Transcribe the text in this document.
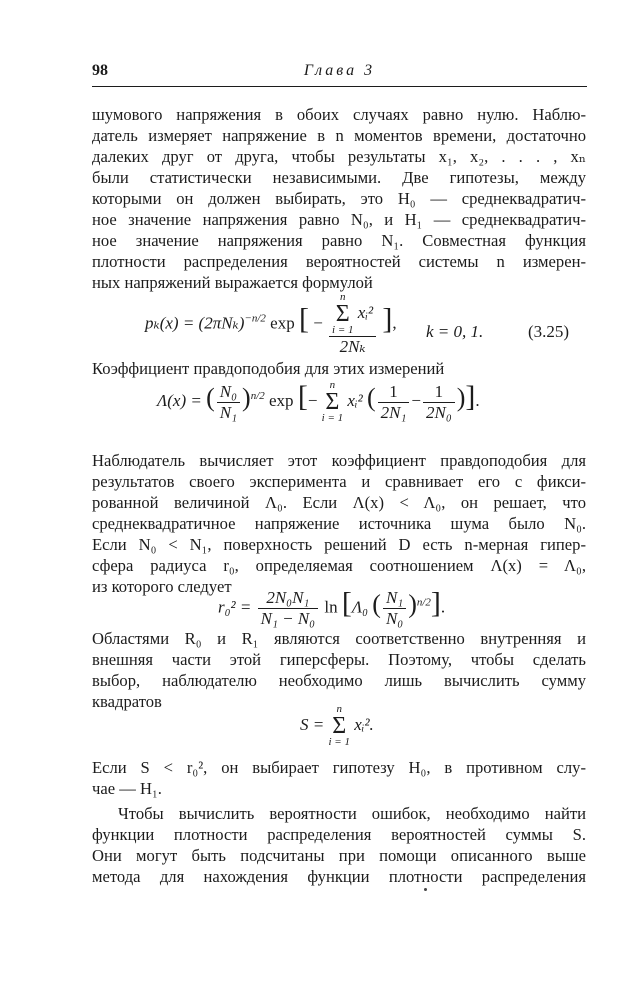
98	Глава 3
шумового напряжения в обоих случаях равно нулю. Наблю-
датель измеряет напряжение в n моментов времени, достаточно
далеких друг от друга, чтобы результаты x₁, x₂, . . . , xₙ
были статистически независимыми. Две гипотезы, между
которыми он должен выбирать, это H₀ — среднеквадратич-
ное значение напряжения равно N₀, и H₁ — среднеквадратич-
ное значение напряжения равно N₁. Совместная функция
плотности распределения вероятностей системы n измерен-
ных напряжений выражается формулой
$p_k(x) = (2\pi N_k)^{-n/2}$ exp [ − n
Σ
i = 1
xᵢ²
2Nₖ ], k = 0, 1.	(3.25)
Коэффициент правдоподобия для этих измерений
Λ(x) = ( $\frac{\text{N₀}}{\text{N₁}} )^{n/2}$ exp [−
n
Σ
i = 1
xᵢ² ( $\frac{1}{\text{2N₁}} - \frac{1}{\text{2N₀}}$ )].
Наблюдатель вычисляет этот коэффициент правдоподобия для
результатов своего эксперимента и сравнивает его с фикси-
рованной величиной Λ₀. Если Λ(x) < Λ₀, он решает, что
среднеквадратичное напряжение источника шума было N₀.
Если N₀ < N₁, поверхность решений D есть n-мерная гипер-
сфера радиуса r₀, определяемая соотношением Λ(x) = Λ₀,
из которого следует
$r_0^2 = \frac{\text{2N₀N₁}}{\text{N₁ − N₀}}$ ln [Λ₀ ( $\frac{\text{N₁}}{\text{N₀}} )^{n/2}$].
Областями R₀ и R₁ являются соответственно внутренняя и
внешняя части этой гиперсферы. Поэтому, чтобы сделать
выбор, наблюдателю необходимо лишь вычислить сумму
квадратов
S =
n
Σ
i = 1
xᵢ².
Если S < r₀², он выбирает гипотезу H₀, в противном слу-
чае — H₁.
Чтобы вычислить вероятности ошибок, необходимо найти
функции плотности распределения вероятностей суммы S.
Они могут быть подсчитаны при помощи описанного выше
метода для нахождения функции плотности распределения
